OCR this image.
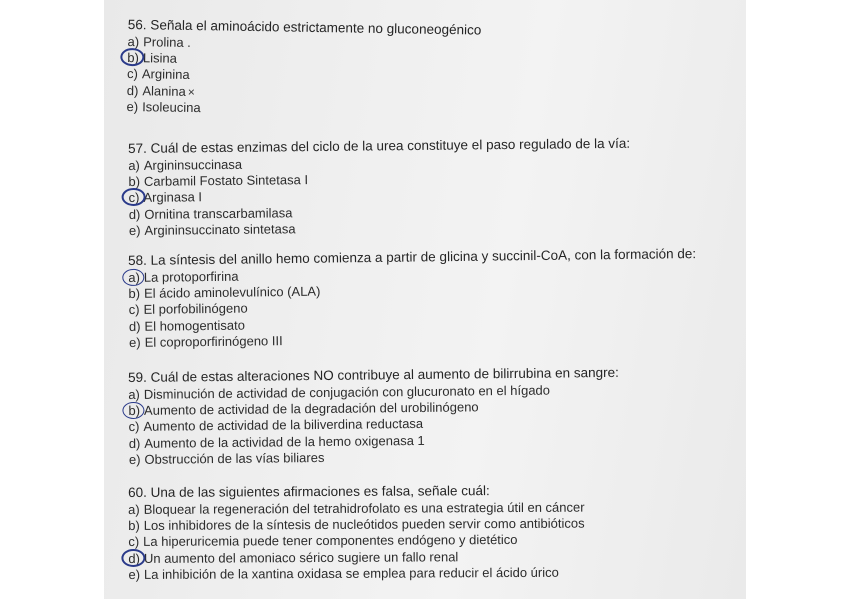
56. Señala el aminoácido estrictamente no gluconeogénico

a) Prolina .
b) Lisina
c) Arginina
d) Alanina ×
e) Isoleucina

57. Cuál de estas enzimas del ciclo de la urea constituye el paso regulado de la vía:

a) Argininsuccinasa
b) Carbamil Fostato Sintetasa I
c) Arginasa I
d) Ornitina transcarbamilasa
e) Argininsuccinato sintetasa

58. La síntesis del anillo hemo comienza a partir de glicina y succinil-CoA, con la formación de:

a) La protoporfirina
b) El ácido aminolevulínico (ALA)
c) El porfobilinógeno
d) El homogentisato
e) El coproporfirinógeno III

59. Cuál de estas alteraciones NO contribuye al aumento de bilirrubina en sangre:

a) Disminución de actividad de conjugación con glucuronato en el hígado
b) Aumento de actividad de la degradación del urobilinógeno
c) Aumento de actividad de la biliverdina reductasa
d) Aumento de la actividad de la hemo oxigenasa 1
e) Obstrucción de las vías biliares

60. Una de las siguientes afirmaciones es falsa, señale cuál:

a) Bloquear la regeneración del tetrahidrofolato es una estrategia útil en cáncer
b) Los inhibidores de la síntesis de nucleótidos pueden servir como antibióticos
c) La hiperuricemia puede tener componentes endógeno y dietético
d) Un aumento del amoniaco sérico sugiere un fallo renal
e) La inhibición de la xantina oxidasa se emplea para reducir el ácido úrico
